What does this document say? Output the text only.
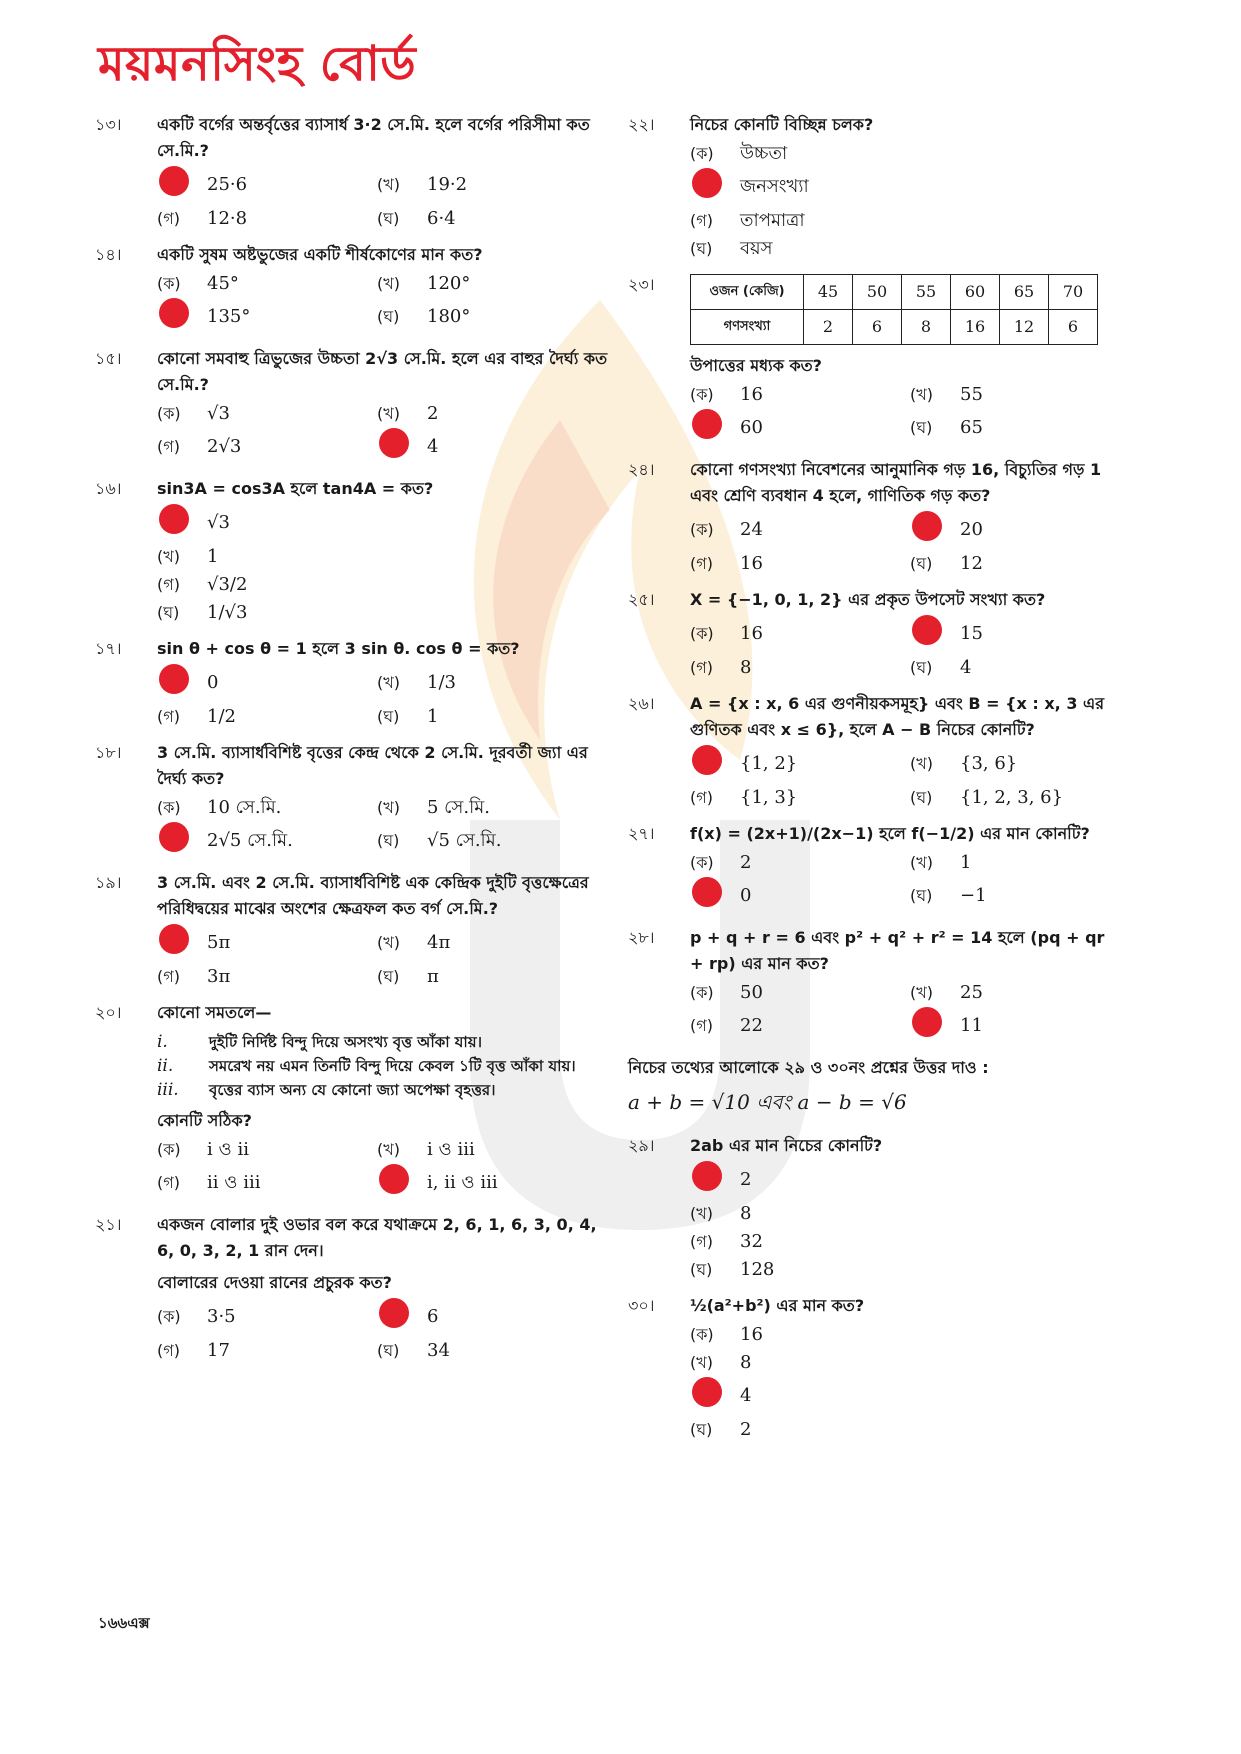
ময়মনসিংহ বোর্ড
১৩।	একটি বর্গের অন্তর্বৃত্তের ব্যাসার্ধ 3·2 সে.মি. হলে বর্গের পরিসীমা কত সে.মি.?
25·6	(খ)	19·2
(গ)	12·8	(ঘ)	6·4
১৪।	একটি সুষম অষ্টভুজের একটি শীর্ষকোণের মান কত?
(ক)	45°	(খ)	120°
135°	(ঘ)	180°
১৫।	কোনো সমবাহু ত্রিভুজের উচ্চতা 2√3 সে.মি. হলে এর বাহুর দৈর্ঘ্য কত সে.মি.?
(ক)	√3	(খ)	2
(গ)	2√3	4
১৬।	sin3A = cos3A হলে tan4A = কত?
√3
(খ)	1
(গ)	√3/2
(ঘ)	1/√3
১৭।	sin θ + cos θ = 1 হলে 3 sin θ. cos θ = কত?
0	(খ)	1/3
(গ)	1/2	(ঘ)	1
১৮।	3 সে.মি. ব্যাসার্ধবিশিষ্ট বৃত্তের কেন্দ্র থেকে 2 সে.মি. দূরবর্তী জ্যা এর দৈর্ঘ্য কত?
(ক)	10 সে.মি.	(খ)	5 সে.মি.
2√5 সে.মি.	(ঘ)	√5 সে.মি.
১৯।	3 সে.মি. এবং 2 সে.মি. ব্যাসার্ধবিশিষ্ট এক কেন্দ্রিক দুইটি বৃত্তক্ষেত্রের পরিধিদ্বয়ের মাঝের অংশের ক্ষেত্রফল কত বর্গ সে.মি.?
5π	(খ)	4π
(গ)	3π	(ঘ)	π
২০।	কোনো সমতলে—
i.	দুইটি নির্দিষ্ট বিন্দু দিয়ে অসংখ্য বৃত্ত আঁকা যায়।
ii.	সমরেখ নয় এমন তিনটি বিন্দু দিয়ে কেবল ১টি বৃত্ত আঁকা যায়।
iii.	বৃত্তের ব্যাস অন্য যে কোনো জ্যা অপেক্ষা বৃহত্তর।
কোনটি সঠিক?
(ক)	i ও ii	(খ)	i ও iii
(গ)	ii ও iii	i, ii ও iii
২১।	একজন বোলার দুই ওভার বল করে যথাক্রমে 2, 6, 1, 6, 3, 0, 4, 6, 0, 3, 2, 1 রান দেন।
বোলারের দেওয়া রানের প্রচুরক কত?
(ক)	3·5	6
(গ)	17	(ঘ)	34
২২।	নিচের কোনটি বিচ্ছিন্ন চলক?
(ক)	উচ্চতা
জনসংখ্যা
(গ)	তাপমাত্রা
(ঘ)	বয়স
২৩।	ওজন (কেজি)	45	50	55	60	65	70
গণসংখ্যা	2	6	8	16	12	6
উপাত্তের মধ্যক কত?
(ক)	16	(খ)	55
60	(ঘ)	65
২৪।	কোনো গণসংখ্যা নিবেশনের আনুমানিক গড় 16, বিচ্যুতির গড় 1 এবং শ্রেণি ব্যবধান 4 হলে, গাণিতিক গড় কত?
(ক)	24	20
(গ)	16	(ঘ)	12
২৫।	X = {−1, 0, 1, 2} এর প্রকৃত উপসেট সংখ্যা কত?
(ক)	16	15
(গ)	8	(ঘ)	4
২৬।	A = {x : x, 6 এর গুণনীয়কসমূহ} এবং B = {x : x, 3 এর গুণিতক এবং x ≤ 6}, হলে A − B নিচের কোনটি?
{1, 2}	(খ)	{3, 6}
(গ)	{1, 3}	(ঘ)	{1, 2, 3, 6}
২৭।	f(x) = (2x+1)/(2x−1) হলে f(−1/2) এর মান কোনটি?
(ক)	2	(খ)	1
0	(ঘ)	−1
২৮।	p + q + r = 6 এবং p² + q² + r² = 14 হলে (pq + qr + rp) এর মান কত?
(ক)	50	(খ)	25
(গ)	22	11
নিচের তথ্যের আলোকে ২৯ ও ৩০নং প্রশ্নের উত্তর দাও :
a + b = √10 এবং a − b = √6
২৯।	2ab এর মান নিচের কোনটি?
2
(খ)	8
(গ)	32
(ঘ)	128
৩০।	½(a²+b²) এর মান কত?
(ক)	16
(খ)	8
4
(ঘ)	2
১৬৬এক্স
